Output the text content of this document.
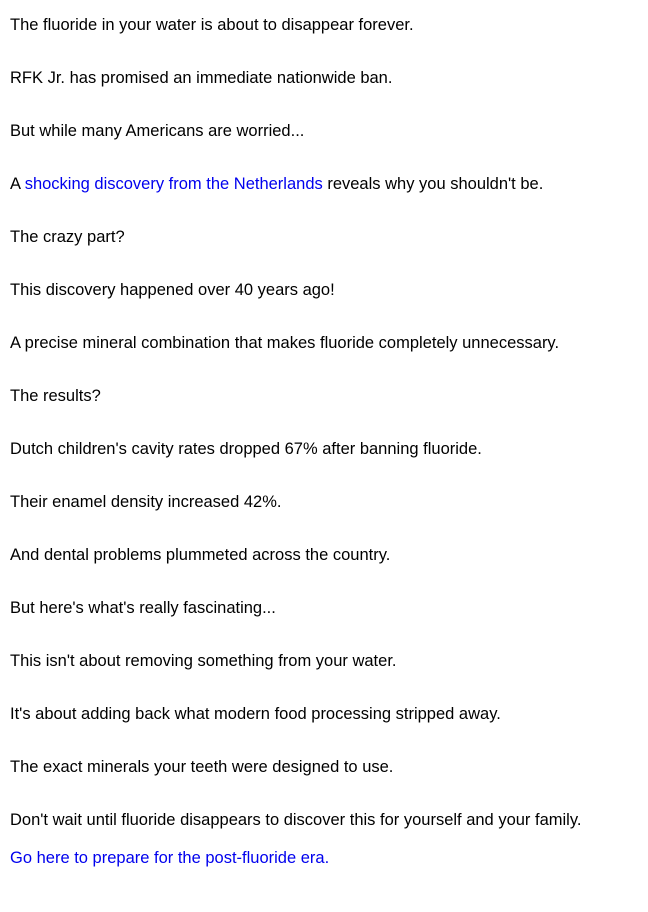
The fluoride in your water is about to disappear forever.

RFK Jr. has promised an immediate nationwide ban.

But while many Americans are worried...

A shocking discovery from the Netherlands reveals why you shouldn't be.

The crazy part?

This discovery happened over 40 years ago!

A precise mineral combination that makes fluoride completely unnecessary.

The results?

Dutch children's cavity rates dropped 67% after banning fluoride.

Their enamel density increased 42%.

And dental problems plummeted across the country.

But here's what's really fascinating...

This isn't about removing something from your water.

It's about adding back what modern food processing stripped away.

The exact minerals your teeth were designed to use.

Don't wait until fluoride disappears to discover this for yourself and your family.

Go here to prepare for the post-fluoride era.
